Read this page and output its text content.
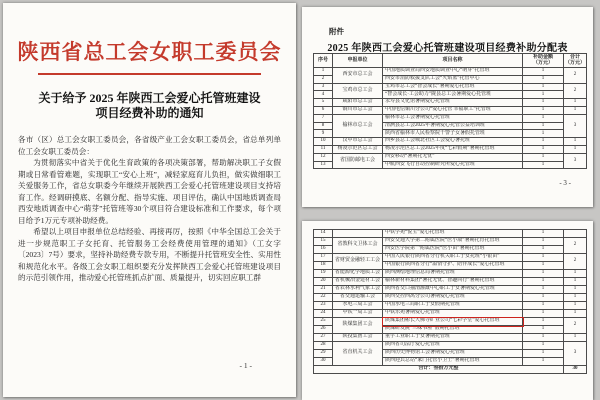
陕西省总工会女职工委员会
关于给予 2025 年陕西工会爱心托管班建设
项目经费补助的通知
各市（区）总工会女职工委员会，各省级产业工会女职工委员会，省总单列单位工会女职工委员会：
为贯彻落实中省关于优化生育政策的各项决策部署，帮助解决职工子女假期或日常看管难题，实现职工“安心上班”，减轻家庭育儿负担，做实做细职工关爱服务工作，省总女职委今年继续开展陕西工会爱心托管班建设项目支持培育工作。经调研摸底、名额分配、指导实施、项目评估，确认中国地质调查局西安地质调查中心“萌芽”托管班等30个项目符合建设标准和工作要求，每个项目给予1万元专项补助经费。
希望以上项目申报单位总结经验、再接再厉，按照《中华全国总工会关于进一步规范职工子女托育、托管服务工会经费使用管理的通知》（工女字〔2023〕7号）要求，坚持补助经费专款专用，不断提升托管班安全性、实用性和规范化水平。各级工会女职工组织要充分发挥陕西工会爱心托管班建设项目的示范引领作用，推动爱心托管班抓点扩面、质量提升，切实回应职工群
- 1 -
附件
2025 年陕西工会爱心托管班建设项目经费补助分配表
序号	申报单位	项目名称	补助金额
（万元）	合计
（万元）
1	西安市总工会	中国地质调查局西安地质调查中心“萌芽”托管班	1	2
2		西安市消防救援支队工会“火焰蓝”托管中心	1	
3	宝鸡市总工会	宝鸡市总工会“智会成长”暑期爱心托管班	1	2
4		“智会成长·工会助力”陇县总工会暑期爱心托管班	1	
5	咸阳市总工会	永寿县文化馆暑期爱心托管班	1	1
6	铜川市总工会	中国电信铜川分公司“爱心托管 幸福职工”托管班	1	1
7	榆林市总工会	榆林市总工会暑期爱心托管班	1	3
8		清涧县总工会2025年暑期爱心托管公益培训班	1	
9		陕西省榆林市人民检察院干警子女暑假托管班	1	
10	汉中市总工会	西乡县总工会城北社区工会爱心暑托班	1	1
11	杨凌示范区总工会	杨凌示范区总工会2025年度“七彩假期”暑期托管班	1	1
12	省国防邮电工会	西安移动“暑期托无忧”	1	3
13		中航西安飞行自动控制研究所爱心托管班	1	
- 3 -
14		中铁学苑“悦宝”爱心托管班	1	
15	省教科文卫体工会	西安交通大学第二附属医院“医小康”暑期托育托管班	1	2
16		西安医学院第一附属医院“医小苗”暑期托管班	1	
17	省财贸金融轻工工会	中国人民银行陕西省分行机关职工子女托班“小银苗”	1	2
18		中国银行陕西省分行“温情守护、陪伴成长”爱心托管班	1	
19	省能源化学地质工会	陕西测绘地理信息局暑期托管班	1	1
20	省机械冶金建材工会	榆林新材料集团“暑托无忧、智趣同行”暑期托管班	1	1
21	省农林水利气象工会	陕西省交口抽渭灌溉中心职工子女暑期爱心托管班	1	1
22	省交通运输工会	陕西交控西禹分公司暑期爱心托管班	1	1
23	水电三局工会	中国水电三局职工子女假期托管班	1	1
24	中铁一局工会	中铁乐苑暑期爱心托管班	1	1
25	陕煤集团工会	陕煤集团彬长大佛寺矿业公司“七彩学堂”爱心托管班	1	2
26		陕煤研发院“三味书屋”假期托管班	1	
27	陕投集团工会	重宇工业职工子女暑期托管班	1	1
28	省直机关工会	陕西省司法厅爱心托管班	1	3
29		陕西历史博物馆工会暑期爱心托管班	1	
30		陕西迎宾总站“家门托管小卫士”暑期托管班	1	
合计：叁拾万元整				30
